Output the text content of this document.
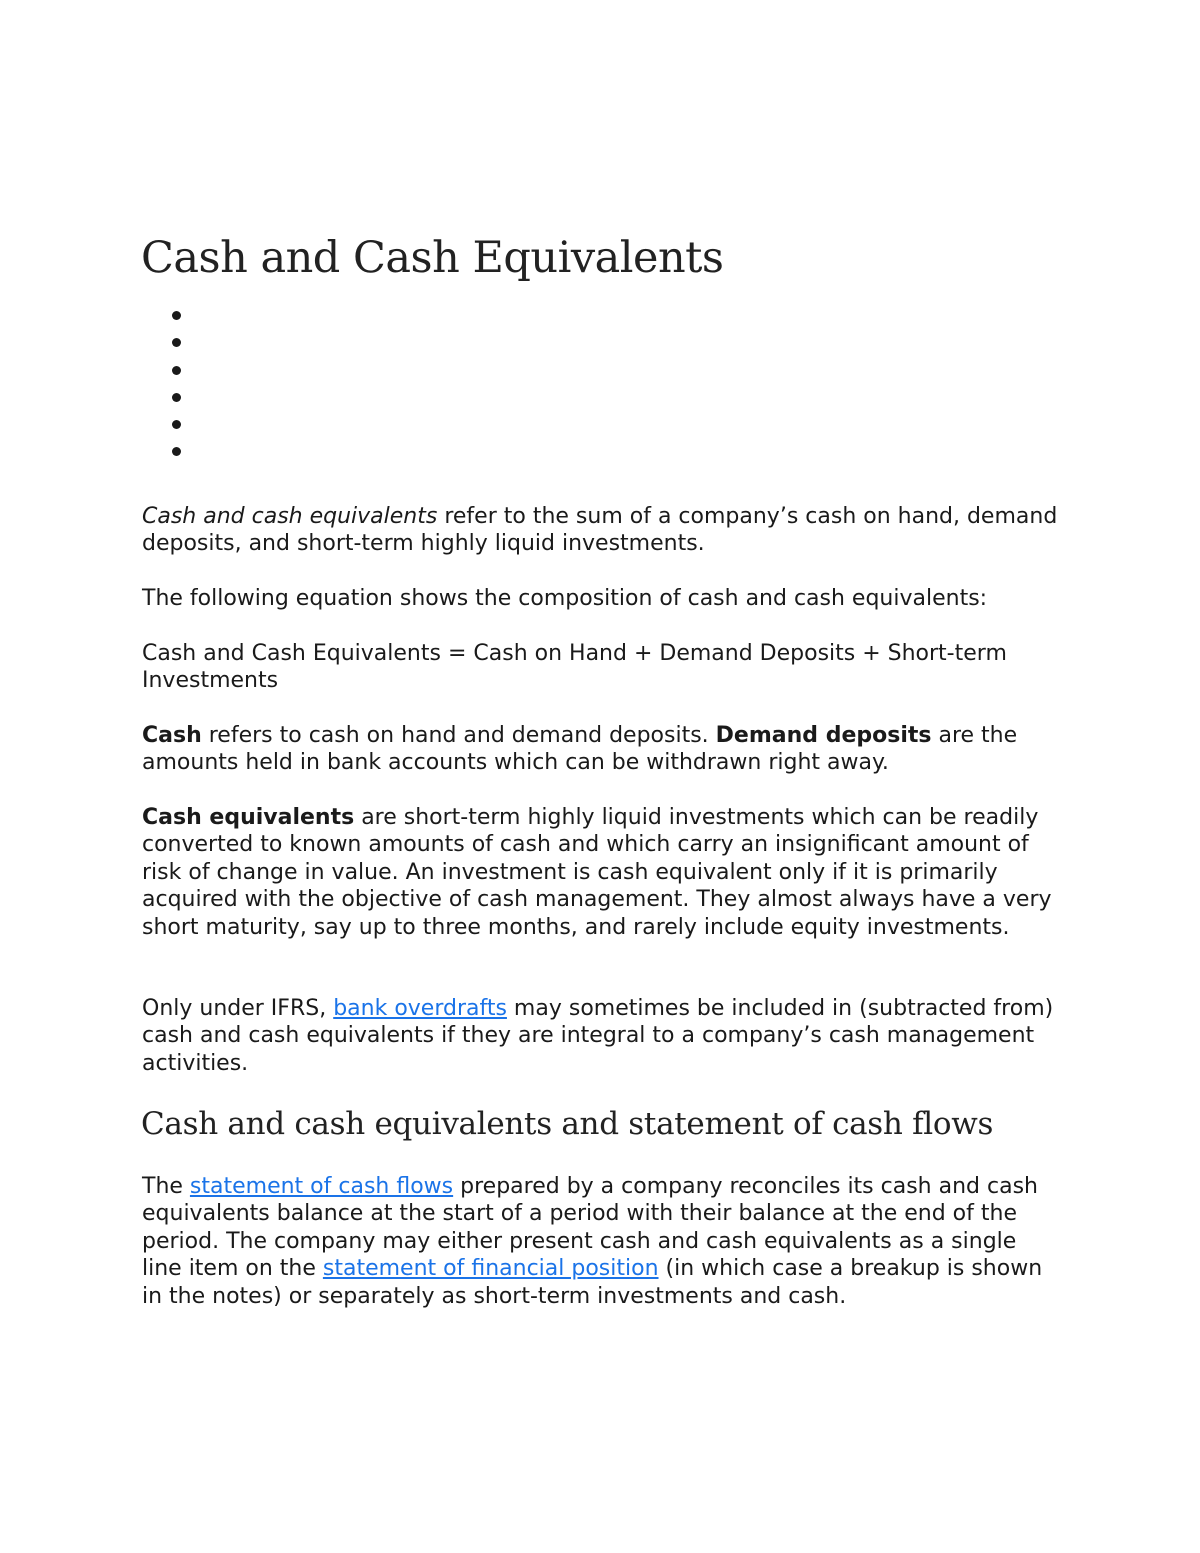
Cash and Cash Equivalents

Cash and cash equivalents refer to the sum of a company’s cash on hand, demand deposits, and short-term highly liquid investments.

The following equation shows the composition of cash and cash equivalents:

Cash and Cash Equivalents = Cash on Hand + Demand Deposits + Short-term Investments

Cash refers to cash on hand and demand deposits. Demand deposits are the amounts held in bank accounts which can be withdrawn right away.

Cash equivalents are short-term highly liquid investments which can be readily converted to known amounts of cash and which carry an insignificant amount of risk of change in value. An investment is cash equivalent only if it is primarily acquired with the objective of cash management. They almost always have a very short maturity, say up to three months, and rarely include equity investments.

Only under IFRS, bank overdrafts may sometimes be included in (subtracted from) cash and cash equivalents if they are integral to a company’s cash management activities.

Cash and cash equivalents and statement of cash flows

The statement of cash flows prepared by a company reconciles its cash and cash equivalents balance at the start of a period with their balance at the end of the period. The company may either present cash and cash equivalents as a single line item on the statement of financial position (in which case a breakup is shown in the notes) or separately as short-term investments and cash.
